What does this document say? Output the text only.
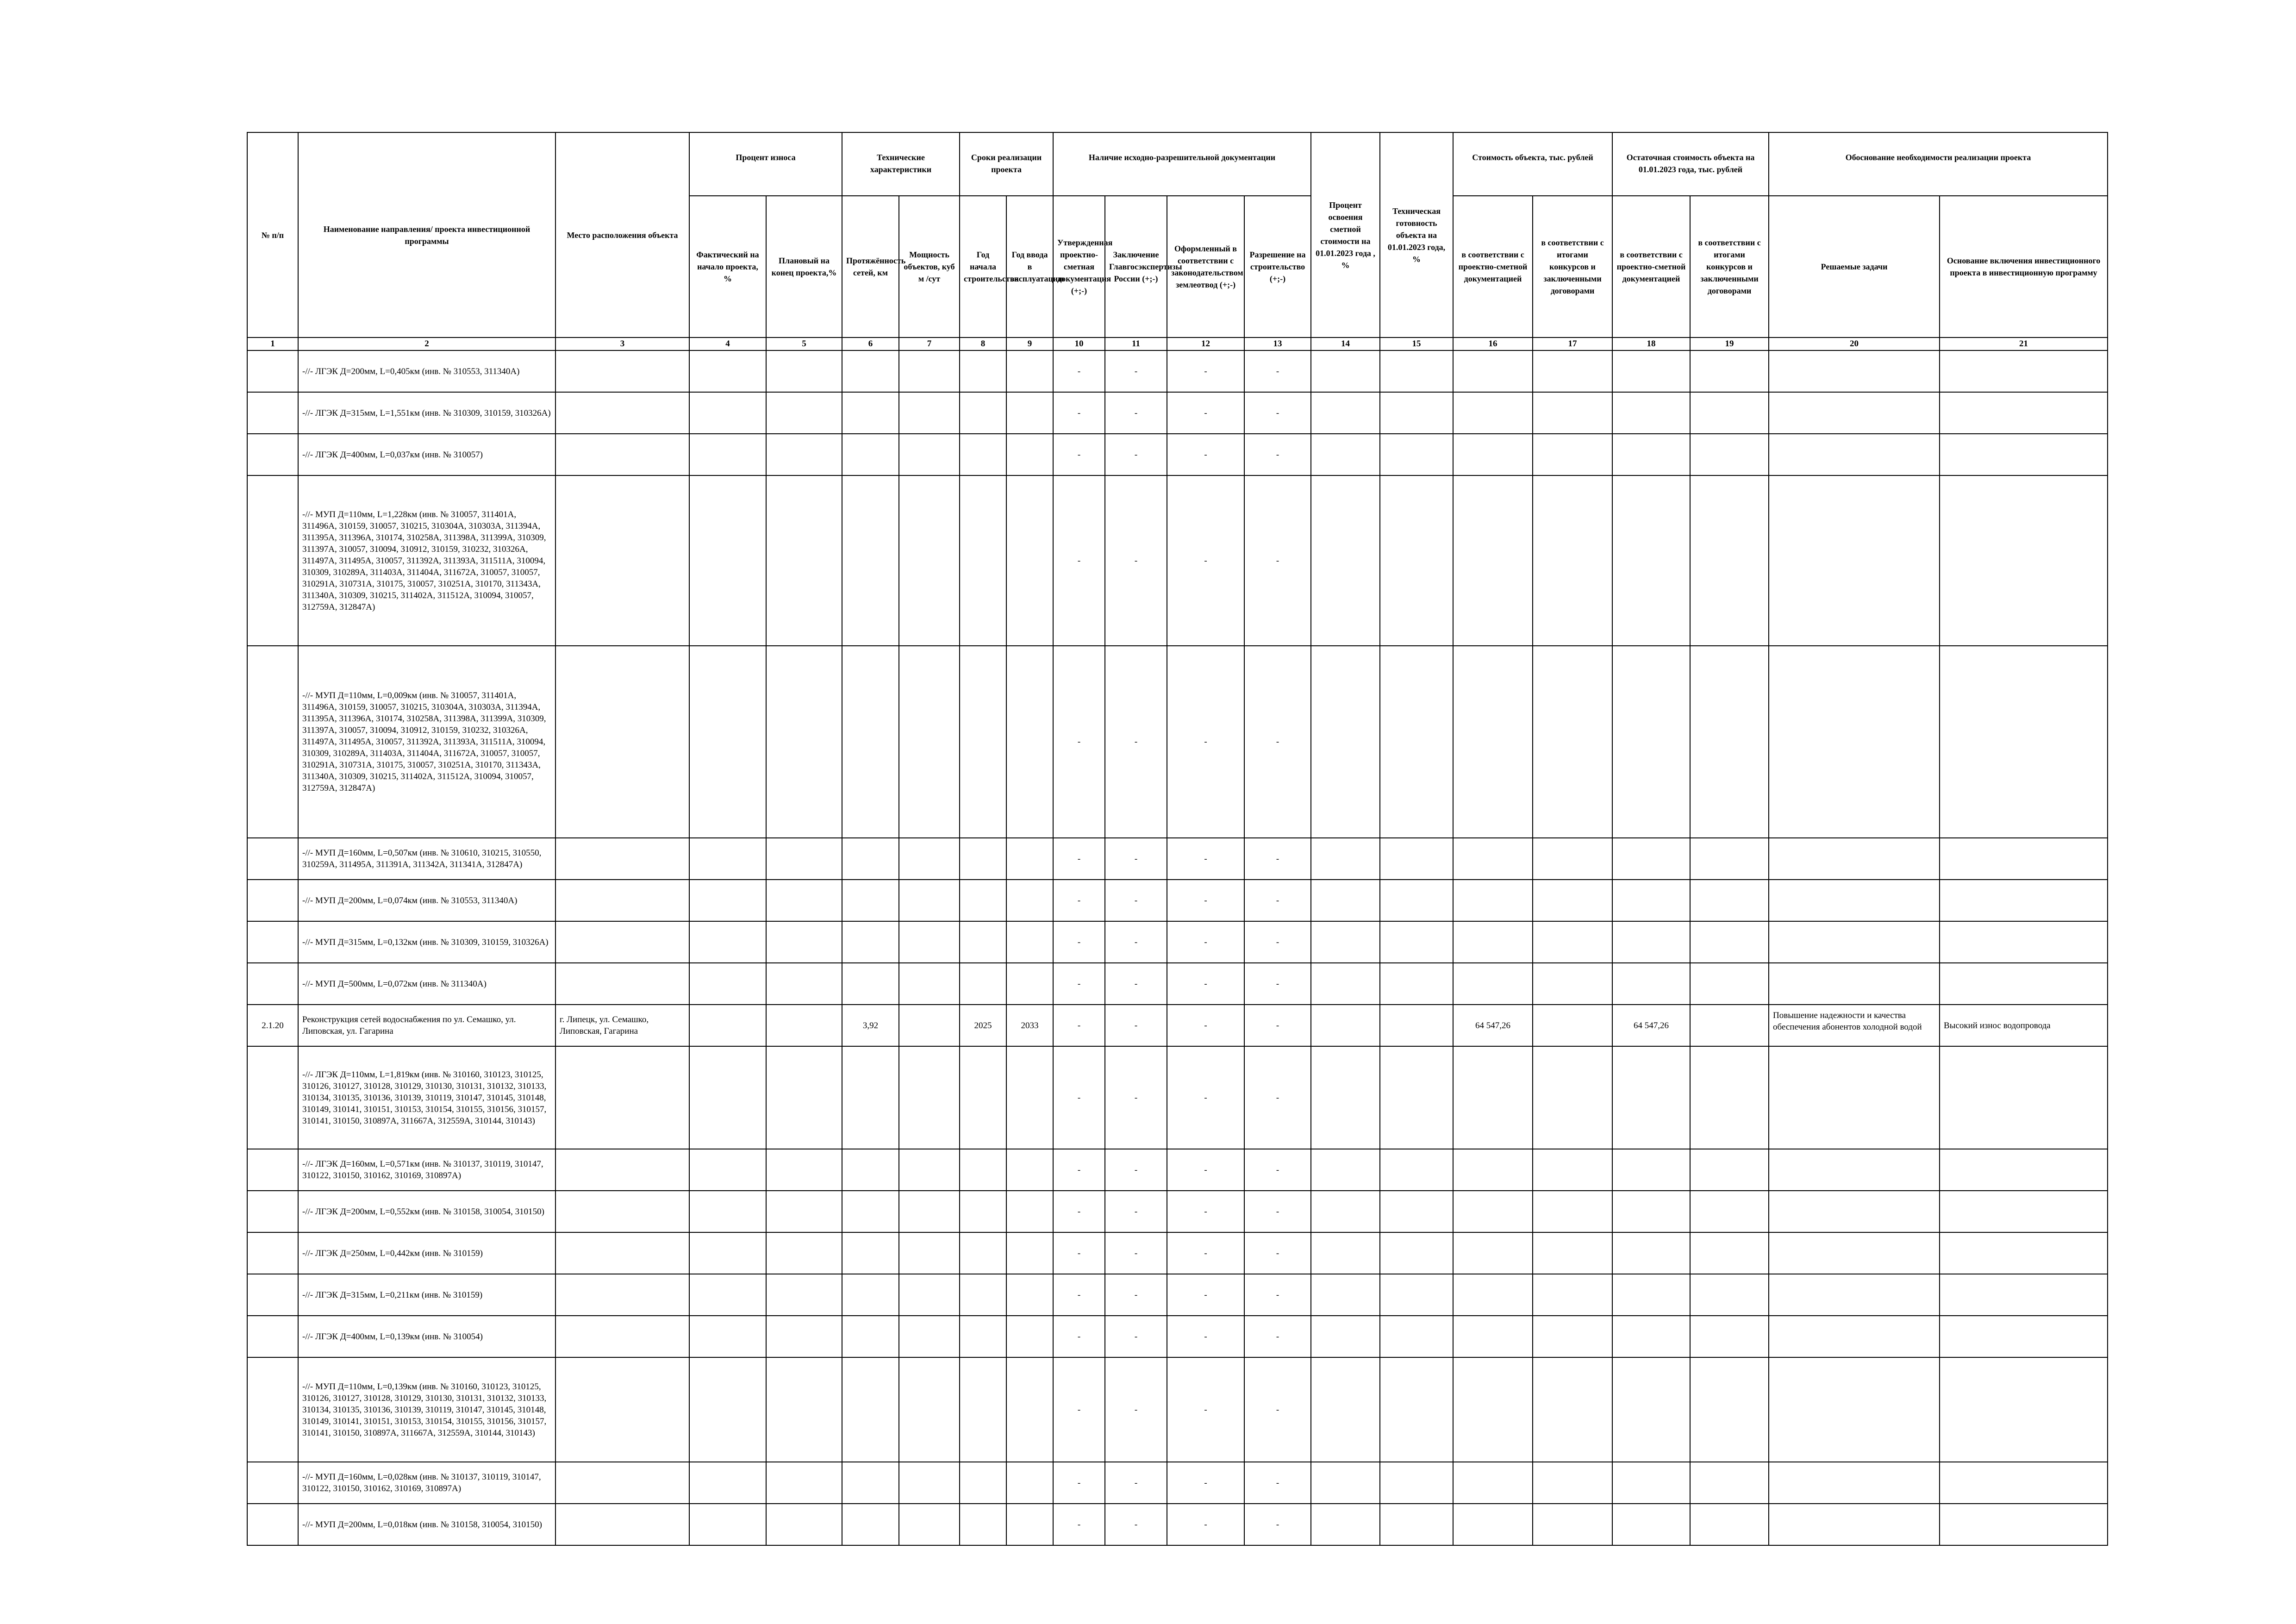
№ п/п	Наименование направления/ проекта инвестиционной программы	Место расположения объекта	Процент износа		Технические характеристики		Сроки реализации проекта		Наличие исходно-разрешительной документации				Процент освоения сметной стоимости на 01.01.2023 года , %	Техническая готовность объекта на 01.01.2023 года, %	Стоимость объекта, тыс. рублей		Остаточная стоимость объекта на 01.01.2023 года, тыс. рублей		Обоснование необходимости реализации проекта	
			Фактический на начало проекта, %	Плановый на конец проекта,%	Протяжённость сетей, км	Мощность объектов, куб м /сут	Год начала строительства	Год ввода в эксплуатацию	Утвержденная проектно-сметная документация (+;-)	Заключение Главгосэкспертизы России (+;-)	Оформленный в соответствии с законодательством землеотвод (+;-)	Разрешение на строительство (+;-)			в соответствии с проектно-сметной документацией	в соответствии с итогами конкурсов и заключенными договорами	в соответствии с проектно-сметной документацией	в соответствии с итогами конкурсов и заключенными договорами	Решаемые задачи	Основание включения инвестиционного проекта в инвестиционную программу
1	2	3	4	5	6	7	8	9	10	11	12	13	14	15	16	17	18	19	20	21
	-//- ЛГЭК Д=200мм, L=0,405км (инв. № 310553, 311340А)								-	-	-	-								
	-//- ЛГЭК Д=315мм, L=1,551км (инв. № 310309, 310159, 310326А)								-	-	-	-								
	-//- ЛГЭК Д=400мм, L=0,037км (инв. № 310057)								-	-	-	-								
	-//- МУП Д=110мм, L=1,228км (инв. № 310057, 311401А, 311496А, 310159, 310057, 310215, 310304А, 310303А, 311394А, 311395А, 311396А, 310174, 310258А, 311398А, 311399А, 310309, 311397А, 310057, 310094, 310912, 310159, 310232, 310326А, 311497А, 311495А, 310057, 311392А, 311393А, 311511А, 310094, 310309, 310289А, 311403А, 311404А, 311672А, 310057, 310057, 310291А, 310731А, 310175, 310057, 310251А, 310170, 311343А, 311340А, 310309, 310215, 311402А, 311512А, 310094, 310057, 312759А, 312847А)								-	-	-	-								
	-//- МУП Д=110мм, L=0,009км (инв. № 310057, 311401А, 311496А, 310159, 310057, 310215, 310304А, 310303А, 311394А, 311395А, 311396А, 310174, 310258А, 311398А, 311399А, 310309, 311397А, 310057, 310094, 310912, 310159, 310232, 310326А, 311497А, 311495А, 310057, 311392А, 311393А, 311511А, 310094, 310309, 310289А, 311403А, 311404А, 311672А, 310057, 310057, 310291А, 310731А, 310175, 310057, 310251А, 310170, 311343А, 311340А, 310309, 310215, 311402А, 311512А, 310094, 310057, 312759А, 312847А)								-	-	-	-								
	-//- МУП Д=160мм, L=0,507км (инв. № 310610, 310215, 310550, 310259А, 311495А, 311391А, 311342А, 311341А, 312847А)								-	-	-	-								
	-//- МУП Д=200мм, L=0,074км (инв. № 310553, 311340А)								-	-	-	-								
	-//- МУП Д=315мм, L=0,132км (инв. № 310309, 310159, 310326А)								-	-	-	-								
	-//- МУП Д=500мм, L=0,072км (инв. № 311340А)								-	-	-	-								
2.1.20	Реконструкция сетей водоснабжения по ул. Семашко, ул. Липовская, ул. Гагарина	г. Липецк, ул. Семашко, Липовская, Гагарина			3,92		2025	2033	-	-	-	-			64 547,26		64 547,26		Повышение надежности и качества обеспечения абонентов холодной водой	Высокий износ водопровода
	-//- ЛГЭК Д=110мм, L=1,819км (инв. № 310160, 310123, 310125, 310126, 310127, 310128, 310129, 310130, 310131, 310132, 310133, 310134, 310135, 310136, 310139, 310119, 310147, 310145, 310148, 310149, 310141, 310151, 310153, 310154, 310155, 310156, 310157, 310141, 310150, 310897А, 311667А, 312559А, 310144, 310143)								-	-	-	-								
	-//- ЛГЭК Д=160мм, L=0,571км (инв. № 310137, 310119, 310147, 310122, 310150, 310162, 310169, 310897А)								-	-	-	-								
	-//- ЛГЭК Д=200мм, L=0,552км (инв. № 310158, 310054, 310150)								-	-	-	-								
	-//- ЛГЭК Д=250мм, L=0,442км (инв. № 310159)								-	-	-	-								
	-//- ЛГЭК Д=315мм, L=0,211км (инв. № 310159)								-	-	-	-								
	-//- ЛГЭК Д=400мм, L=0,139км (инв. № 310054)								-	-	-	-								
	-//- МУП Д=110мм, L=0,139км (инв. № 310160, 310123, 310125, 310126, 310127, 310128, 310129, 310130, 310131, 310132, 310133, 310134, 310135, 310136, 310139, 310119, 310147, 310145, 310148, 310149, 310141, 310151, 310153, 310154, 310155, 310156, 310157, 310141, 310150, 310897А, 311667А, 312559А, 310144, 310143)								-	-	-	-								
	-//- МУП Д=160мм, L=0,028км (инв. № 310137, 310119, 310147, 310122, 310150, 310162, 310169, 310897А)								-	-	-	-								
	-//- МУП Д=200мм, L=0,018км (инв. № 310158, 310054, 310150)								-	-	-	-								
